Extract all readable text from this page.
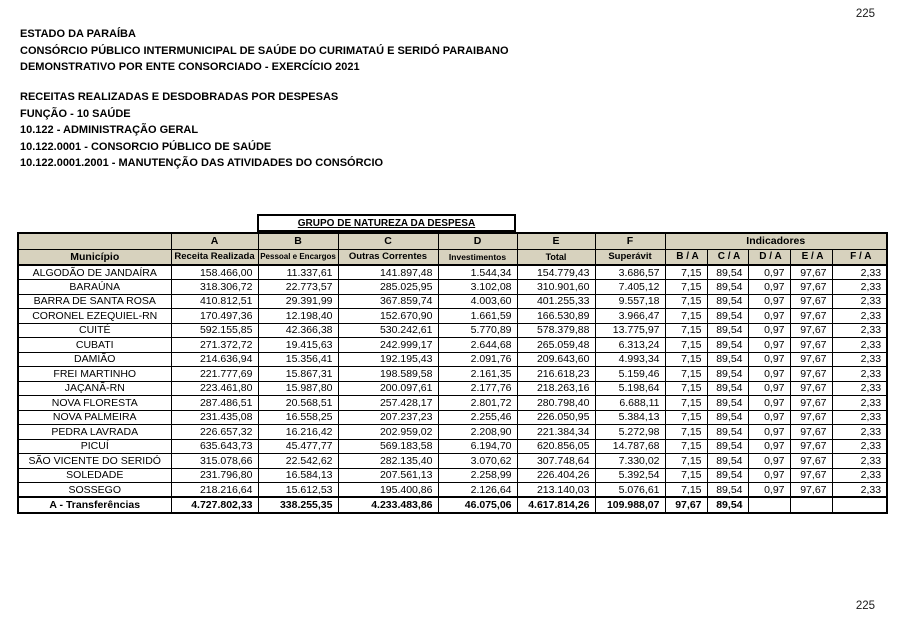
225
ESTADO DA PARAÍBA
CONSÓRCIO PÚBLICO INTERMUNICIPAL DE SAÚDE DO CURIMATAÚ E SERIDÓ PARAIBANO
DEMONSTRATIVO POR ENTE CONSORCIADO - EXERCÍCIO 2021
RECEITAS REALIZADAS E DESDOBRADAS POR DESPESAS
FUNÇÃO - 10 SAÚDE
10.122 - ADMINISTRAÇÃO GERAL
10.122.0001 - CONSORCIO PÚBLICO DE SAÚDE
10.122.0001.2001 - MANUTENÇÃO DAS ATIVIDADES DO CONSÓRCIO
GRUPO DE NATUREZA DA DESPESA
	A	B	C	D	E	F	Indicadores				
Município	Receita Realizada	Pessoal e Encargos	Outras Correntes	Investimentos	Total	Superávit	B / A	C / A	D / A	E / A	F / A
ALGODÃO DE JANDAÍRA	158.466,00	11.337,61	141.897,48	1.544,34	154.779,43	3.686,57	7,15	89,54	0,97	97,67	2,33
BARAÚNA	318.306,72	22.773,57	285.025,95	3.102,08	310.901,60	7.405,12	7,15	89,54	0,97	97,67	2,33
BARRA DE SANTA ROSA	410.812,51	29.391,99	367.859,74	4.003,60	401.255,33	9.557,18	7,15	89,54	0,97	97,67	2,33
CORONEL EZEQUIEL-RN	170.497,36	12.198,40	152.670,90	1.661,59	166.530,89	3.966,47	7,15	89,54	0,97	97,67	2,33
CUITÉ	592.155,85	42.366,38	530.242,61	5.770,89	578.379,88	13.775,97	7,15	89,54	0,97	97,67	2,33
CUBATI	271.372,72	19.415,63	242.999,17	2.644,68	265.059,48	6.313,24	7,15	89,54	0,97	97,67	2,33
DAMIÃO	214.636,94	15.356,41	192.195,43	2.091,76	209.643,60	4.993,34	7,15	89,54	0,97	97,67	2,33
FREI MARTINHO	221.777,69	15.867,31	198.589,58	2.161,35	216.618,23	5.159,46	7,15	89,54	0,97	97,67	2,33
JAÇANÃ-RN	223.461,80	15.987,80	200.097,61	2.177,76	218.263,16	5.198,64	7,15	89,54	0,97	97,67	2,33
NOVA FLORESTA	287.486,51	20.568,51	257.428,17	2.801,72	280.798,40	6.688,11	7,15	89,54	0,97	97,67	2,33
NOVA PALMEIRA	231.435,08	16.558,25	207.237,23	2.255,46	226.050,95	5.384,13	7,15	89,54	0,97	97,67	2,33
PEDRA LAVRADA	226.657,32	16.216,42	202.959,02	2.208,90	221.384,34	5.272,98	7,15	89,54	0,97	97,67	2,33
PICUÍ	635.643,73	45.477,77	569.183,58	6.194,70	620.856,05	14.787,68	7,15	89,54	0,97	97,67	2,33
SÃO VICENTE DO SERIDÓ	315.078,66	22.542,62	282.135,40	3.070,62	307.748,64	7.330,02	7,15	89,54	0,97	97,67	2,33
SOLEDADE	231.796,80	16.584,13	207.561,13	2.258,99	226.404,26	5.392,54	7,15	89,54	0,97	97,67	2,33
SOSSEGO	218.216,64	15.612,53	195.400,86	2.126,64	213.140,03	5.076,61	7,15	89,54	0,97	97,67	2,33
A - Transferências	4.727.802,33	338.255,35	4.233.483,86	46.075,06	4.617.814,26	109.988,07	97,67	89,54			
225
